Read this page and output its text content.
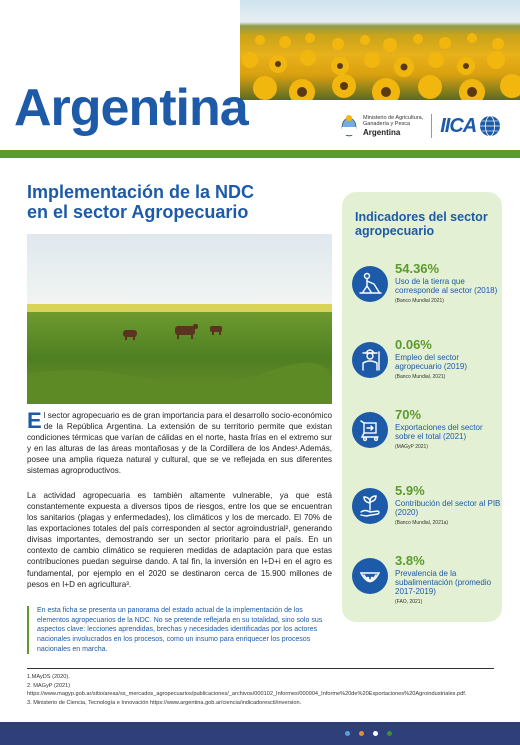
Argentina	Ministerio de Agricultura,
Ganadería y Pesca
Argentina	IICA
Implementación de la NDC
en el sector Agropecuario
El sector agropecuario es de gran importancia para el desarrollo socio-económico de la República Argentina. La extensión de su territorio permite que existan condiciones térmicas que varían de cálidas en el norte, hasta frías en el extremo sur y en las alturas de las áreas montañosas y de la Cordillera de los Andes¹.Además, posee una amplia riqueza natural y cultural, que se ve reflejada en sus diferentes sistemas agroproductivos.
La actividad agropecuaria es también altamente vulnerable, ya que está constantemente expuesta a diversos tipos de riesgos, entre los que se encuentran los sanitarios (plagas y enfermedades), los climáticos y los de mercado. El 70% de las exportaciones totales del país corresponden al sector agroindustrial², generando divisas importantes, demostrando ser un sector prioritario para el país. En un contexto de cambio climático se requieren medidas de adaptación para que estas contribuciones puedan seguirse dando. A tal fin, la inversión en I+D+i en el agro es fundamental, por ejemplo en el 2020 se destinaron cerca de 15.900 millones de pesos en I+D en agricultura³.
En esta ficha se presenta un panorama del estado actual de la implementación de los elementos agropecuarios de la NDC. No se pretende reflejarla en su totalidad, sino solo sus aspectos clave: lecciones aprendidas, brechas y necesidades identificadas por los actores nacionales involucrados en los procesos, como un insumo para enriquecer los procesos nacionales en marcha.
1.MAyDS (2020).
2. MAGyP (2021) https://www.magyp.gob.ar/sitio/areas/ss_mercados_agropecuarios/publicaciones/_archivos/000102_Informes/000904_Informe%20de%20Exportaciones%20Agroindustriales.pdf.
3. Ministerio de Ciencia, Tecnología e Innovación https://www.argentina.gob.ar/ciencia/indicadorescti/inversion.
Indicadores del sector agropecuario
54.36%
Uso de la tierra que corresponde al sector (2018)
(Banco Mundial 2021)
0.06%
Empleo del sector agropecuario (2019)
(Banco Mundial, 2021)
70%
Exportaciones del sector sobre el total (2021)
(MAGyP 2021)
5.9%
Contribución del sector al PIB (2020)
(Banco Mundial, 2021a)
3.8%
Prevalencia de la subalimentación (promedio 2017-2019)
(FAO, 2021)
